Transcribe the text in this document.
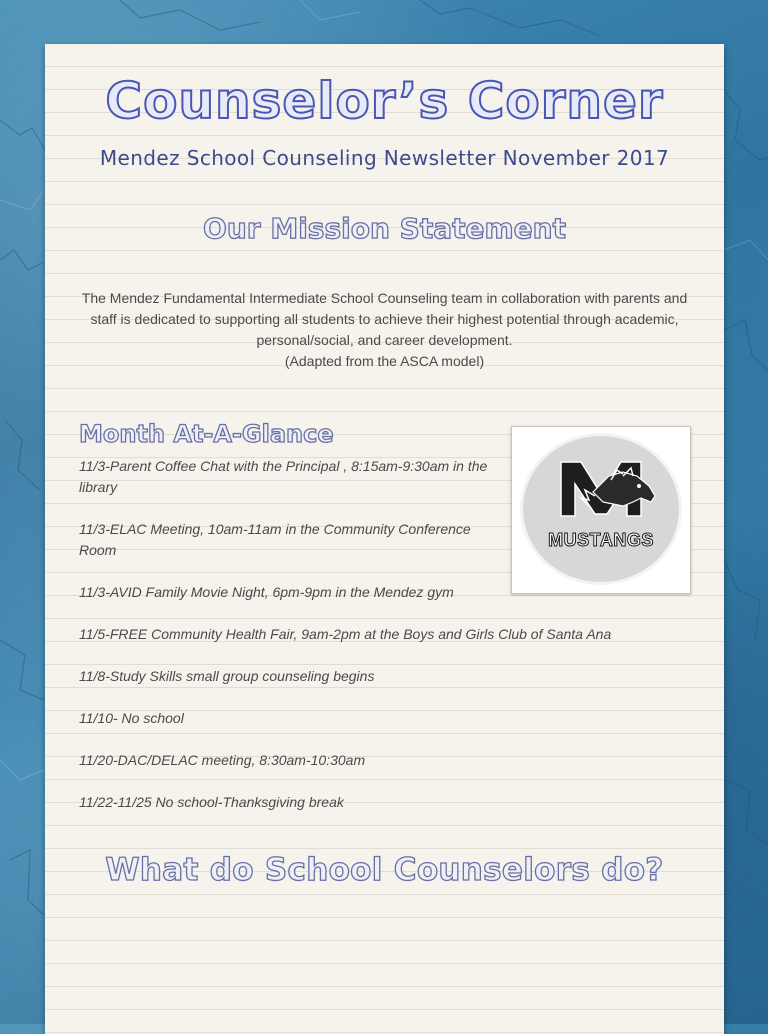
Counselor’s Corner
Mendez School Counseling Newsletter November 2017
Our Mission Statement

The Mendez Fundamental Intermediate School Counseling team in collaboration with parents and staff is dedicated to supporting all students to achieve their highest potential through academic, personal/social, and career development.

(Adapted from the ASCA model)

Month At-A-Glance
11/3-Parent Coffee Chat with the Principal , 8:15am-9:30am in the library
11/3-ELAC Meeting, 10am-11am in the Community Conference Room
11/3-AVID Family Movie Night, 6pm-9pm in the Mendez gym
11/5-FREE Community Health Fair, 9am-2pm at the Boys and Girls Club of Santa Ana
11/8-Study Skills small group counseling begins
11/10- No school
11/20-DAC/DELAC meeting, 8:30am-10:30am
11/22-11/25 No school-Thanksgiving break
MUSTANGS
What do School Counselors do?
